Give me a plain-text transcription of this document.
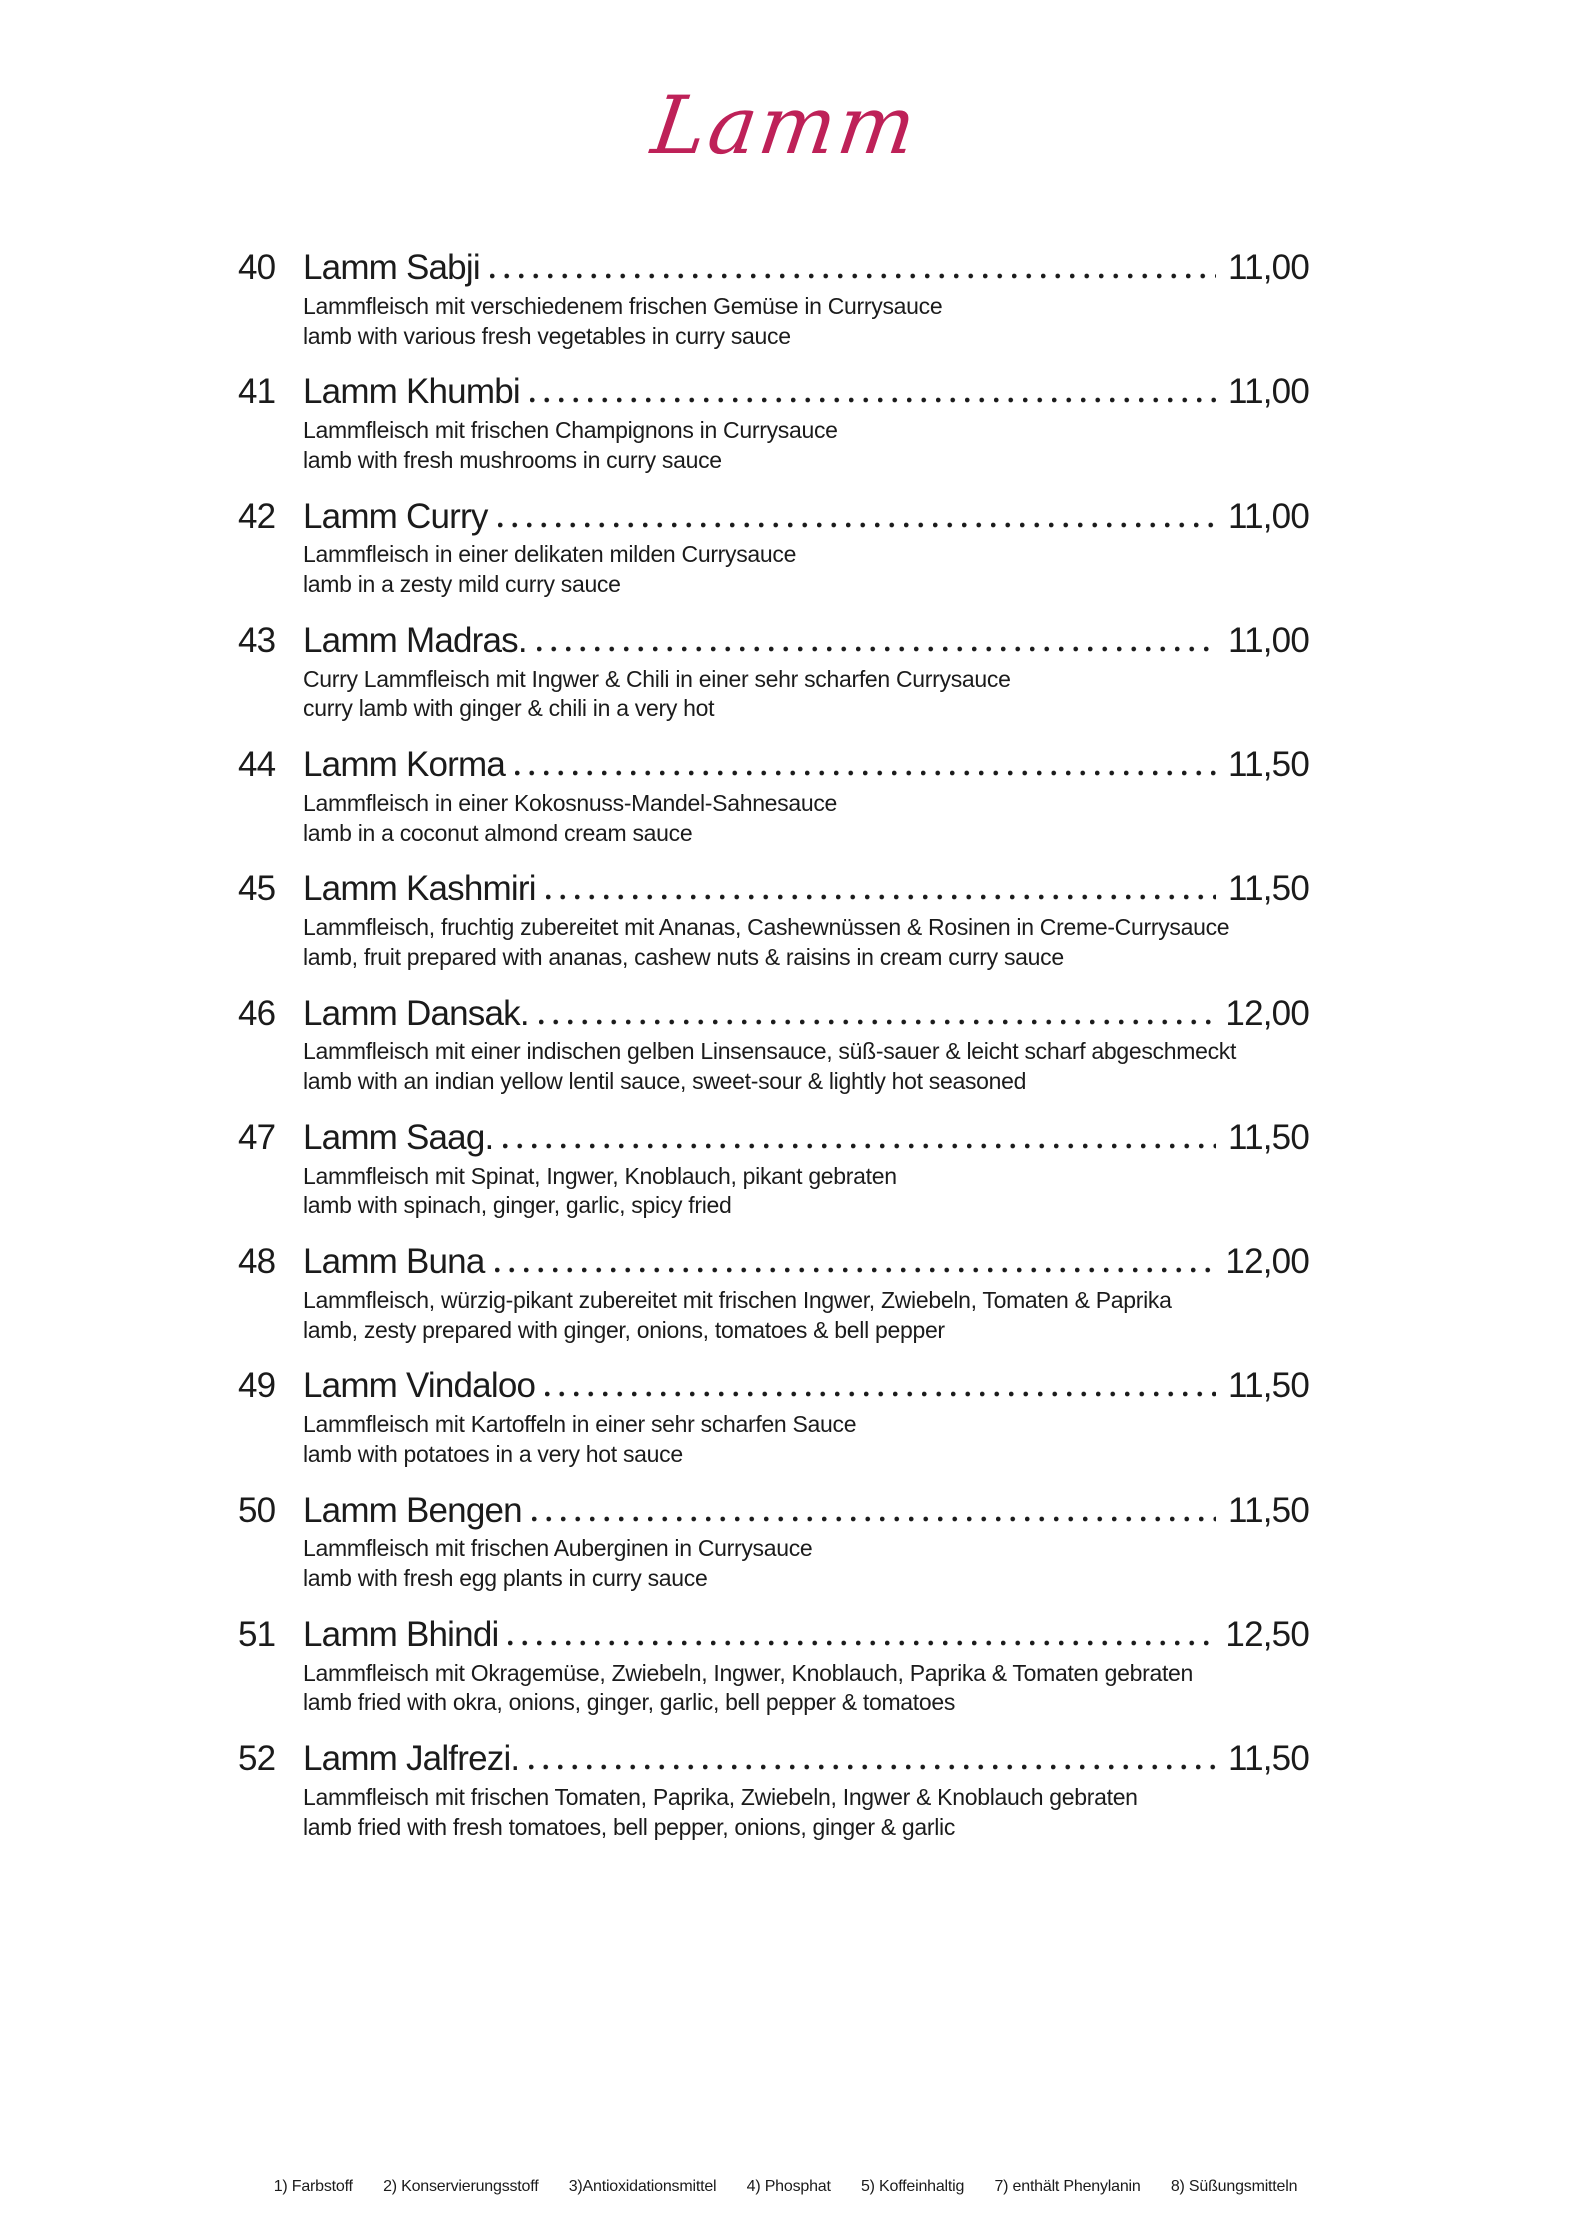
Lamm
40 Lamm Sabji	11,00

Lammfleisch mit verschiedenem frischen Gemüse in Currysauce

lamb with various fresh vegetables in curry sauce

41 Lamm Khumbi	11,00

Lammfleisch mit frischen Champignons in Currysauce

lamb with fresh mushrooms in curry sauce

42 Lamm Curry	11,00

Lammfleisch in einer delikaten milden Currysauce

lamb in a zesty mild curry sauce

43 Lamm Madras.	11,00

Curry Lammfleisch mit Ingwer & Chili in einer sehr scharfen Currysauce

curry lamb with ginger & chili in a very hot

44 Lamm Korma	11,50

Lammfleisch in einer Kokosnuss-Mandel-Sahnesauce

lamb in a coconut almond cream sauce

45 Lamm Kashmiri	11,50

Lammfleisch, fruchtig zubereitet mit Ananas, Cashewnüssen & Rosinen in Creme-Currysauce

lamb, fruit prepared with ananas, cashew nuts & raisins in cream curry sauce

46 Lamm Dansak.	12,00

Lammfleisch mit einer indischen gelben Linsensauce, süß-sauer & leicht scharf abgeschmeckt

lamb with an indian yellow lentil sauce, sweet-sour & lightly hot seasoned

47 Lamm Saag.	11,50

Lammfleisch mit Spinat, Ingwer, Knoblauch, pikant gebraten

lamb with spinach, ginger, garlic, spicy fried

48 Lamm Buna	12,00

Lammfleisch, würzig-pikant zubereitet mit frischen Ingwer, Zwiebeln, Tomaten & Paprika

lamb, zesty prepared with ginger, onions, tomatoes & bell pepper

49 Lamm Vindaloo	11,50

Lammfleisch mit Kartoffeln in einer sehr scharfen Sauce

lamb with potatoes in a very hot sauce

50 Lamm Bengen	11,50

Lammfleisch mit frischen Auberginen in Currysauce

lamb with fresh egg plants in curry sauce

51 Lamm Bhindi	12,50

Lammfleisch mit Okragemüse, Zwiebeln, Ingwer, Knoblauch, Paprika & Tomaten gebraten

lamb fried with okra, onions, ginger, garlic, bell pepper & tomatoes

52 Lamm Jalfrezi.	11,50

Lammfleisch mit frischen Tomaten, Paprika, Zwiebeln, Ingwer & Knoblauch gebraten

lamb fried with fresh tomatoes, bell pepper, onions, ginger & garlic

1) Farbstoff 2) Konservierungsstoff 3)Antioxidationsmittel 4) Phosphat 5) Koffeinhaltig 7) enthält Phenylanin 8) Süßungsmitteln
